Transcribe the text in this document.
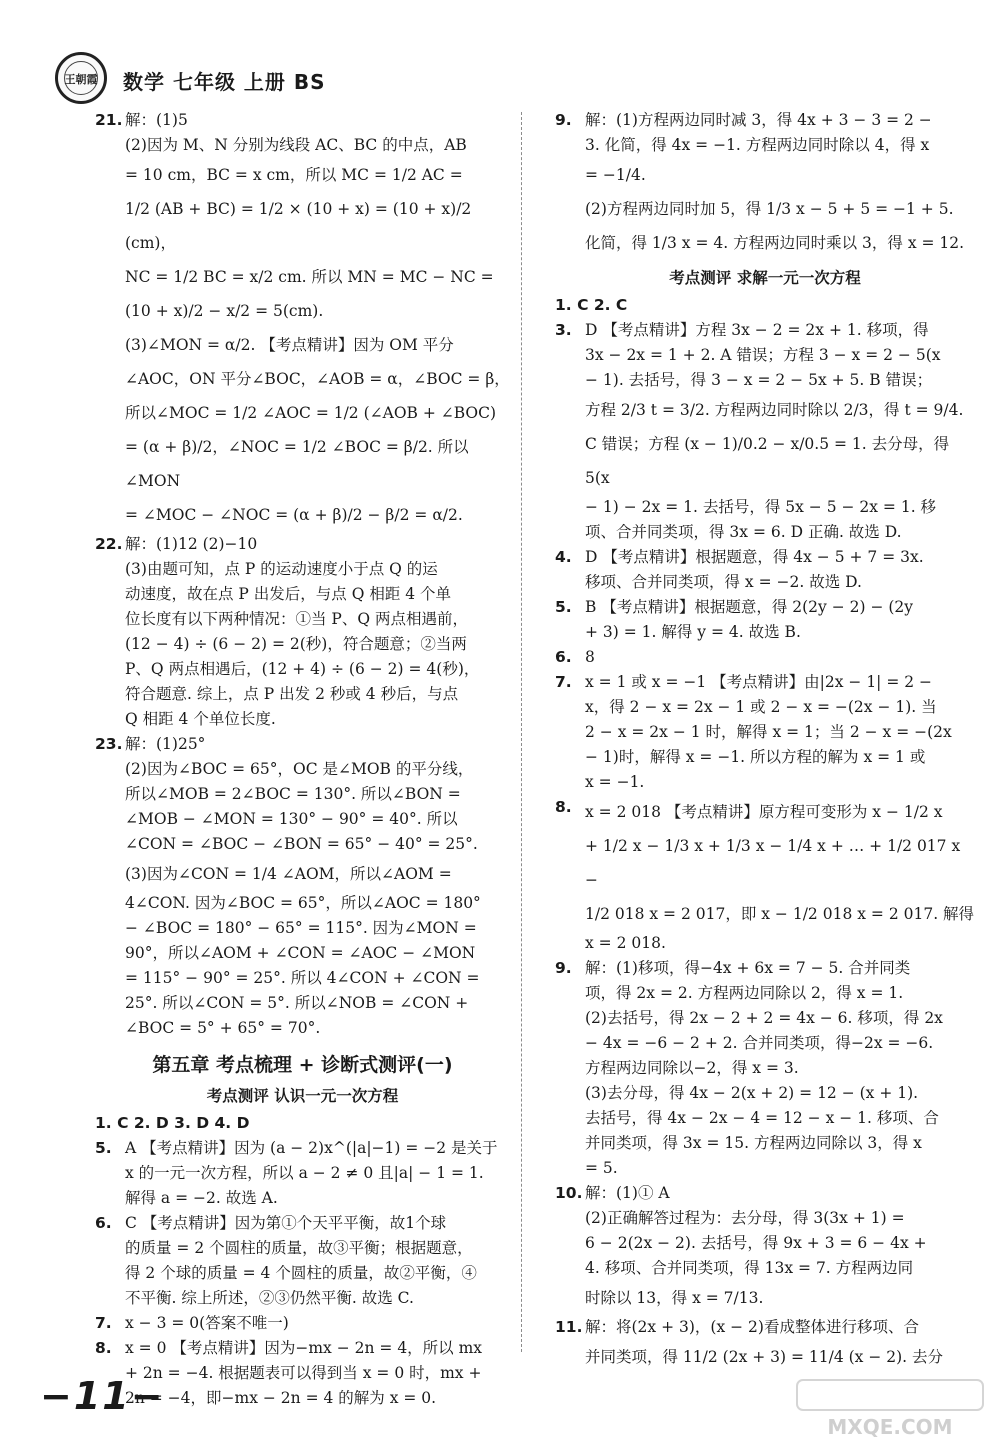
王朝霞	数学 七年级 上册 BS
21. 解：(1)5

(2)因为 M、N 分别为线段 AC、BC 的中点，AB

= 10 cm，BC = x cm，所以 MC = 1/2 AC =

1/2 (AB + BC) = 1/2 × (10 + x) = (10 + x)/2 (cm)，

NC = 1/2 BC = x/2 cm. 所以 MN = MC − NC =

(10 + x)/2 − x/2 = 5(cm).

(3)∠MON = α/2. 【考点精讲】因为 OM 平分

∠AOC，ON 平分∠BOC，∠AOB = α，∠BOC = β，

所以∠MOC = 1/2 ∠AOC = 1/2 (∠AOB + ∠BOC)

= (α + β)/2，∠NOC = 1/2 ∠BOC = β/2. 所以∠MON

= ∠MOC − ∠NOC = (α + β)/2 − β/2 = α/2.

22. 解：(1)12 (2)−10

(3)由题可知，点 P 的运动速度小于点 Q 的运

动速度，故在点 P 出发后，与点 Q 相距 4 个单

位长度有以下两种情况：①当 P、Q 两点相遇前，

(12 − 4) ÷ (6 − 2) = 2(秒)，符合题意；②当两

P、Q 两点相遇后，(12 + 4) ÷ (6 − 2) = 4(秒)，

符合题意. 综上，点 P 出发 2 秒或 4 秒后，与点

Q 相距 4 个单位长度.

23. 解：(1)25°

(2)因为∠BOC = 65°，OC 是∠MOB 的平分线，

所以∠MOB = 2∠BOC = 130°. 所以∠BON =

∠MOB − ∠MON = 130° − 90° = 40°. 所以

∠CON = ∠BOC − ∠BON = 65° − 40° = 25°.

(3)因为∠CON = 1/4 ∠AOM，所以∠AOM =

4∠CON. 因为∠BOC = 65°，所以∠AOC = 180°

− ∠BOC = 180° − 65° = 115°. 因为∠MON =

90°，所以∠AOM + ∠CON = ∠AOC − ∠MON

= 115° − 90° = 25°. 所以 4∠CON + ∠CON =

25°. 所以∠CON = 5°. 所以∠NOB = ∠CON +

∠BOC = 5° + 65° = 70°.

第五章 考点梳理 + 诊断式测评(一)
考点测评 认识一元一次方程

1. C 2. D 3. D 4. D

5. A 【考点精讲】因为 (a − 2)x^(|a|−1) = −2 是关于

x 的一元一次方程，所以 a − 2 ≠ 0 且|a| − 1 = 1.

解得 a = −2. 故选 A.

6. C 【考点精讲】因为第①个天平平衡，故1个球

的质量 = 2 个圆柱的质量，故③平衡；根据题意，

得 2 个球的质量 = 4 个圆柱的质量，故②平衡，④

不平衡. 综上所述，②③仍然平衡. 故选 C.

7. x − 3 = 0(答案不唯一)

8. x = 0 【考点精讲】因为−mx − 2n = 4，所以 mx

+ 2n = −4. 根据题表可以得到当 x = 0 时，mx +

2n = −4，即−mx − 2n = 4 的解为 x = 0.

9. 解：(1)方程两边同时减 3，得 4x + 3 − 3 = 2 −

3. 化简，得 4x = −1. 方程两边同时除以 4，得 x

= −1/4.

(2)方程两边同时加 5，得 1/3 x − 5 + 5 = −1 + 5.

化简，得 1/3 x = 4. 方程两边同时乘以 3，得 x = 12.

考点测评 求解一元一次方程

1. C 2. C

3. D 【考点精讲】方程 3x − 2 = 2x + 1. 移项，得

3x − 2x = 1 + 2. A 错误；方程 3 − x = 2 − 5(x

− 1). 去括号，得 3 − x = 2 − 5x + 5. B 错误；

方程 2/3 t = 3/2. 方程两边同时除以 2/3，得 t = 9/4.

C 错误；方程 (x − 1)/0.2 − x/0.5 = 1. 去分母，得 5(x

− 1) − 2x = 1. 去括号，得 5x − 5 − 2x = 1. 移

项、合并同类项，得 3x = 6. D 正确. 故选 D.

4. D 【考点精讲】根据题意，得 4x − 5 + 7 = 3x.

移项、合并同类项，得 x = −2. 故选 D.

5. B 【考点精讲】根据题意，得 2(2y − 2) − (2y

+ 3) = 1. 解得 y = 4. 故选 B.

6. 8

7. x = 1 或 x = −1 【考点精讲】由|2x − 1| = 2 −

x，得 2 − x = 2x − 1 或 2 − x = −(2x − 1). 当

2 − x = 2x − 1 时，解得 x = 1；当 2 − x = −(2x

− 1)时，解得 x = −1. 所以方程的解为 x = 1 或

x = −1.

8. x = 2 018 【考点精讲】原方程可变形为 x − 1/2 x

+ 1/2 x − 1/3 x + 1/3 x − 1/4 x + … + 1/2 017 x −

1/2 018 x = 2 017，即 x − 1/2 018 x = 2 017. 解得

x = 2 018.

9. 解：(1)移项，得−4x + 6x = 7 − 5. 合并同类

项，得 2x = 2. 方程两边同除以 2，得 x = 1.

(2)去括号，得 2x − 2 + 2 = 4x − 6. 移项，得 2x

− 4x = −6 − 2 + 2. 合并同类项，得−2x = −6.

方程两边同除以−2，得 x = 3.

(3)去分母，得 4x − 2(x + 2) = 12 − (x + 1).

去括号，得 4x − 2x − 4 = 12 − x − 1. 移项、合

并同类项，得 3x = 15. 方程两边同除以 3，得 x

= 5.

10. 解：(1)① A

(2)正确解答过程为：去分母，得 3(3x + 1) =

6 − 2(2x − 2). 去括号，得 9x + 3 = 6 − 4x +

4. 移项、合并同类项，得 13x = 7. 方程两边同

时除以 13，得 x = 7/13.

11. 解：将(2x + 3)，(x − 2)看成整体进行移项、合

并同类项，得 11/2 (2x + 3) = 11/4 (x − 2). 去分

−11−
MXQE.COM
